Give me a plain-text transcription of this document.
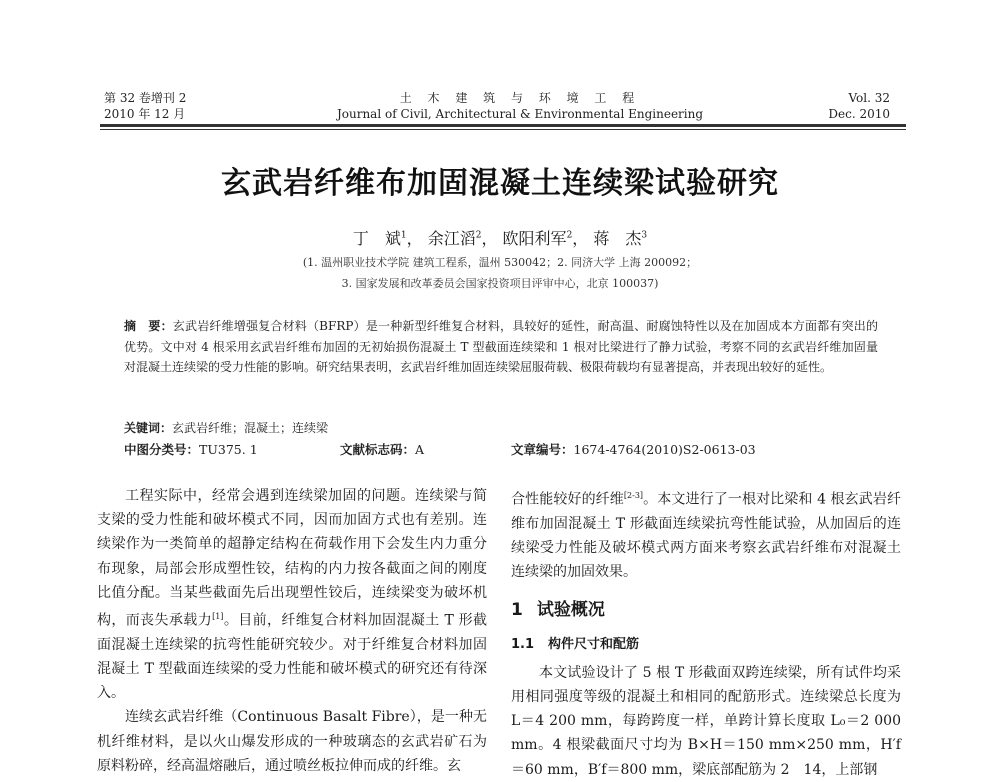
第 32 卷增刊 2
2010 年 12 月
土 木 建 筑 与 环 境 工 程
Journal of Civil, Architectural & Environmental Engineering
Vol. 32
Dec. 2010
玄武岩纤维布加固混凝土连续梁试验研究
丁　斌$^1$， 余江滔$^2$， 欧阳利军$^2$， 蒋　杰$^3$
(1. 温州职业技术学院 建筑工程系，温州 530042；2. 同济大学 上海 200092；
3. 国家发展和改革委员会国家投资项目评审中心，北京 100037)
摘　要：玄武岩纤维增强复合材料（BFRP）是一种新型纤维复合材料，具较好的延性，耐高温、耐腐蚀特性以及在加固成本方面都有突出的优势。文中对 4 根采用玄武岩纤维布加固的无初始损伤混凝土 T 型截面连续梁和 1 根对比梁进行了静力试验，考察不同的玄武岩纤维加固量对混凝土连续梁的受力性能的影响。研究结果表明，玄武岩纤维加固连续梁屈服荷载、极限荷载均有显著提高，并表现出较好的延性。
关键词：玄武岩纤维；混凝土；连续梁
中图分类号：TU375. 1	文献标志码：A	文章编号：1674-4764(2010)S2-0613-03

工程实际中，经常会遇到连续梁加固的问题。连续梁与简支梁的受力性能和破坏模式不同，因而加固方式也有差别。连续梁作为一类简单的超静定结构在荷载作用下会发生内力重分布现象，局部会形成塑性铰，结构的内力按各截面之间的刚度比值分配。当某些截面先后出现塑性铰后，连续梁变为破坏机构，而丧失承载力[1]。目前，纤维复合材料加固混凝土 T 形截面混凝土连续梁的抗弯性能研究较少。对于纤维复合材料加固混凝土 T 型截面连续梁的受力性能和破坏模式的研究还有待深入。

连续玄武岩纤维（Continuous Basalt Fibre），是一种无机纤维材料，是以火山爆发形成的一种玻璃态的玄武岩矿石为原料粉碎，经高温熔融后，通过喷丝板拉伸而成的纤维。玄

合性能较好的纤维[2-3]。本文进行了一根对比梁和 4 根玄武岩纤维布加固混凝土 T 形截面连续梁抗弯性能试验，从加固后的连续梁受力性能及破坏模式两方面来考察玄武岩纤维布对混凝土连续梁的加固效果。

1 试验概况

1.1 构件尺寸和配筋

本文试验设计了 5 根 T 形截面双跨连续梁，所有试件均采用相同强度等级的混凝土和相同的配筋形式。连续梁总长度为 L＝4 200 mm，每跨跨度一样，单跨计算长度取 L₀＝2 000 mm。4 根梁截面尺寸均为 B×H＝150 mm×250 mm，H′f＝60 mm，B′f＝800 mm，梁底部配筋为 2　14，上部钢
